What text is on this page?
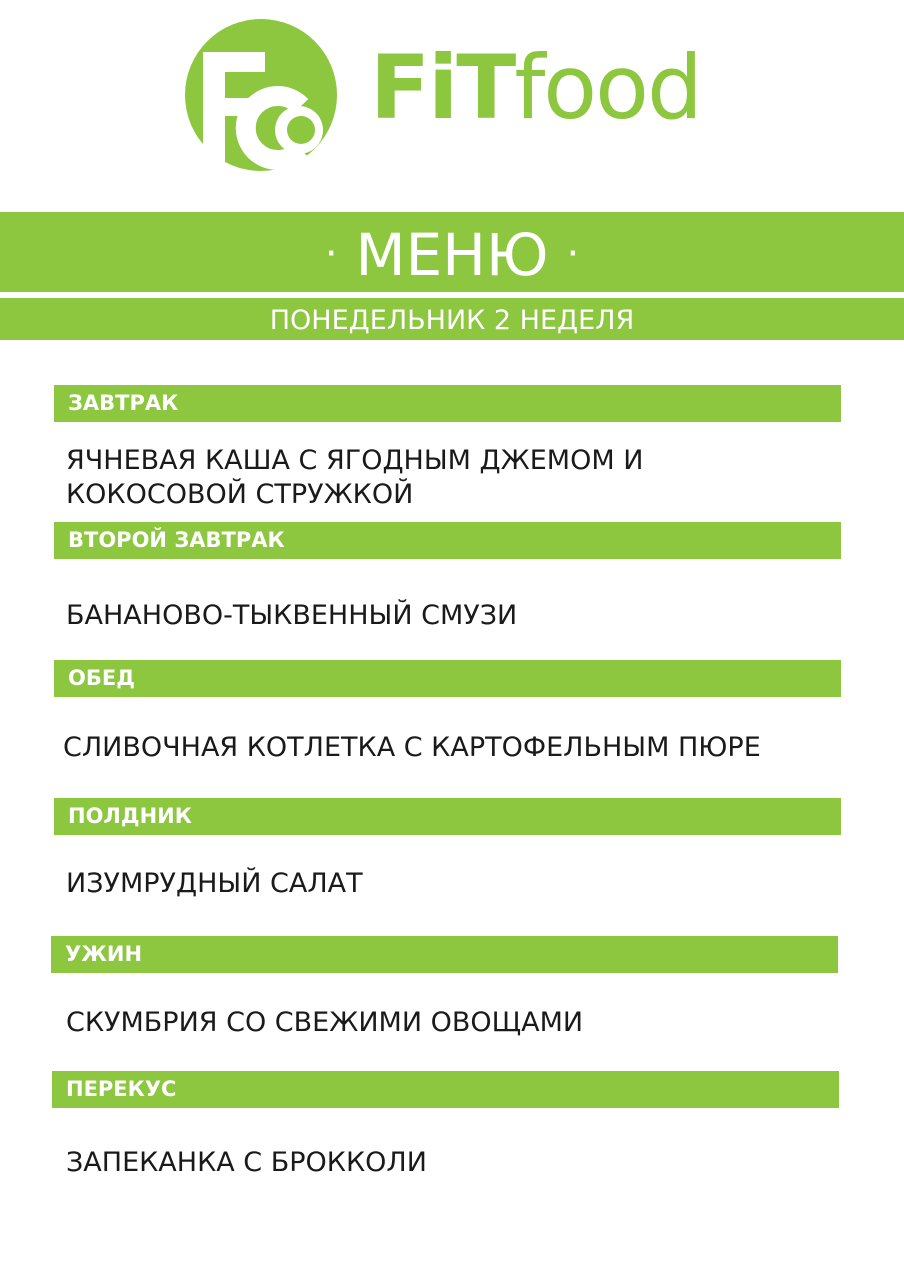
FiTfood
· МЕНЮ ·
ПОНЕДЕЛЬНИК 2 НЕДЕЛЯ
ЗАВТРАК
ЯЧНЕВАЯ КАША С ЯГОДНЫМ ДЖЕМОМ И
КОКОСОВОЙ СТРУЖКОЙ
ВТОРОЙ ЗАВТРАК
БАНАНОВО-ТЫКВЕННЫЙ СМУЗИ
ОБЕД
СЛИВОЧНАЯ КОТЛЕТКА С КАРТОФЕЛЬНЫМ ПЮРЕ
ПОЛДНИК
ИЗУМРУДНЫЙ САЛАТ
УЖИН
СКУМБРИЯ СО СВЕЖИМИ ОВОЩАМИ
ПЕРЕКУС
ЗАПЕКАНКА С БРОККОЛИ
